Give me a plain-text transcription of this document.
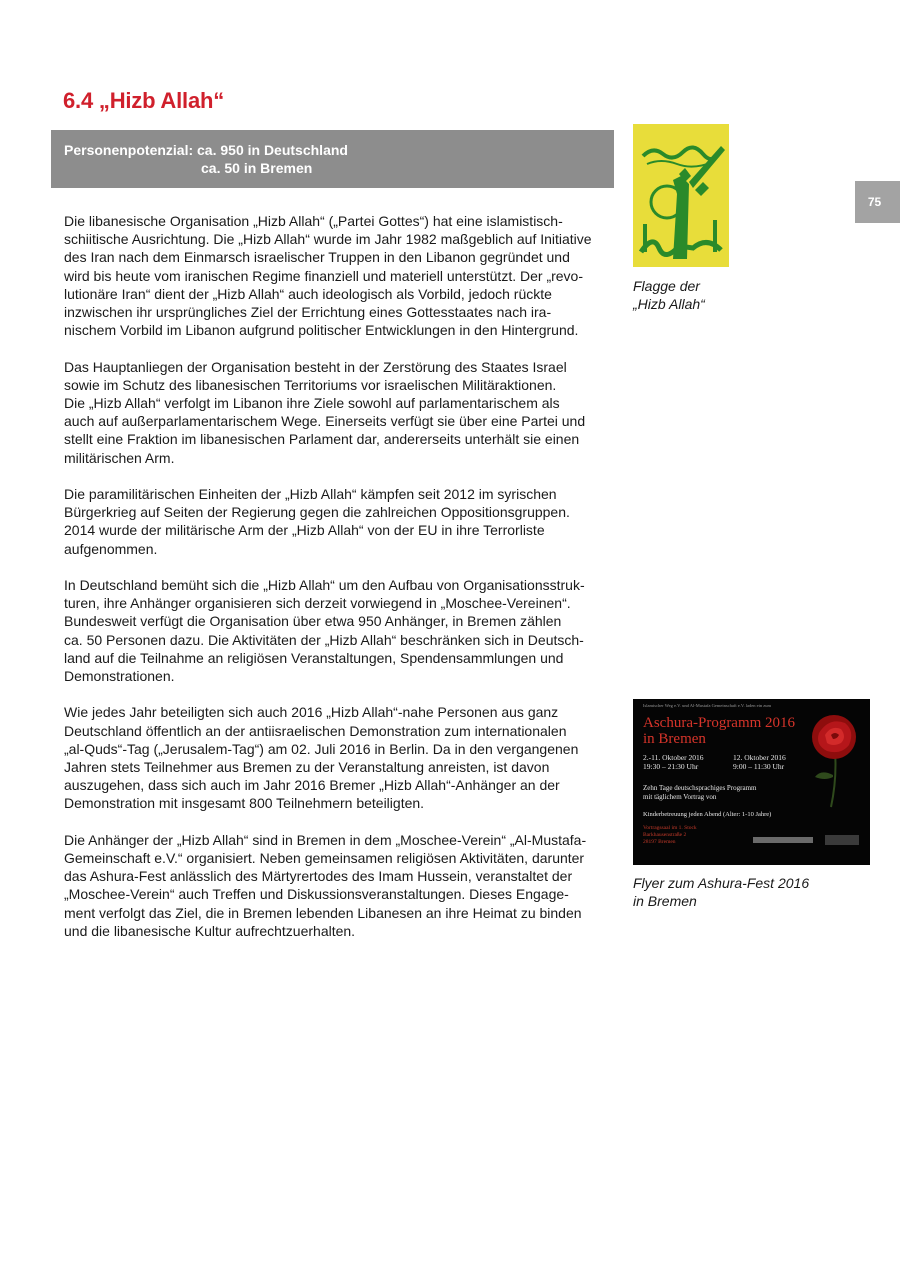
6.4 „Hizb Allah“
Personenpotenzial: ca. 950 in Deutschland
ca. 50 in Bremen
75

Die libanesische Organisation „Hizb Allah“ („Partei Gottes“) hat eine islamistisch-
schiitische Ausrichtung. Die „Hizb Allah“ wurde im Jahr 1982 maßgeblich auf Initiative
des Iran nach dem Einmarsch israelischer Truppen in den Libanon gegründet und
wird bis heute vom iranischen Regime finanziell und materiell unterstützt. Der „revo-
lutionäre Iran“ dient der „Hizb Allah“ auch ideologisch als Vorbild, jedoch rückte
inzwischen ihr ursprüngliches Ziel der Errichtung eines Gottesstaates nach ira-
nischem Vorbild im Libanon aufgrund politischer Entwicklungen in den Hintergrund.

Das Hauptanliegen der Organisation besteht in der Zerstörung des Staates Israel
sowie im Schutz des libanesischen Territoriums vor israelischen Militäraktionen.
Die „Hizb Allah“ verfolgt im Libanon ihre Ziele sowohl auf parlamentarischem als
auch auf außerparlamentarischem Wege. Einerseits verfügt sie über eine Partei und
stellt eine Fraktion im libanesischen Parlament dar, andererseits unterhält sie einen
militärischen Arm.

Die paramilitärischen Einheiten der „Hizb Allah“ kämpfen seit 2012 im syrischen
Bürgerkrieg auf Seiten der Regierung gegen die zahlreichen Oppositionsgruppen.
2014 wurde der militärische Arm der „Hizb Allah“ von der EU in ihre Terrorliste
aufgenommen.

In Deutschland bemüht sich die „Hizb Allah“ um den Aufbau von Organisationsstruk-
turen, ihre Anhänger organisieren sich derzeit vorwiegend in „Moschee-Vereinen“.
Bundesweit verfügt die Organisation über etwa 950 Anhänger, in Bremen zählen
ca. 50 Personen dazu. Die Aktivitäten der „Hizb Allah“ beschränken sich in Deutsch-
land auf die Teilnahme an religiösen Veranstaltungen, Spendensammlungen und
Demonstrationen.

Wie jedes Jahr beteiligten sich auch 2016 „Hizb Allah“-nahe Personen aus ganz
Deutschland öffentlich an der antiisraelischen Demonstration zum internationalen
„al-Quds“-Tag („Jerusalem-Tag“) am 02. Juli 2016 in Berlin. Da in den vergangenen
Jahren stets Teilnehmer aus Bremen zu der Veranstaltung anreisten, ist davon
auszugehen, dass sich auch im Jahr 2016 Bremer „Hizb Allah“-Anhänger an der
Demonstration mit insgesamt 800 Teilnehmern beteiligten.

Die Anhänger der „Hizb Allah“ sind in Bremen in dem „Moschee-Verein“ „Al-Mustafa-
Gemeinschaft e.V.“ organisiert. Neben gemeinsamen religiösen Aktivitäten, darunter
das Ashura-Fest anlässlich des Märtyrertodes des Imam Hussein, veranstaltet der
„Moschee-Verein“ auch Treffen und Diskussionsveranstaltungen. Dieses Engage-
ment verfolgt das Ziel, die in Bremen lebenden Libanesen an ihre Heimat zu binden
und die libanesische Kultur aufrechtzuerhalten.

Flagge der
„Hizb Allah“
Islamischer Weg e.V. und Al-Mustafa Gemeinschaft e.V. laden ein zum
Aschura-Programm 2016
in Bremen
2.-11. Oktober 2016
19:30 – 21:30 Uhr
12. Oktober 2016
9:00 – 11:30 Uhr
Zehn Tage deutschsprachiges Programm
mit täglichem Vortrag von
Kinderbetreuung jeden Abend (Alter: 1-10 Jahre)
Vortragssaal im 1. Stock
Barkhausenstraße 2
28197 Bremen
Flyer zum Ashura-Fest 2016
in Bremen
